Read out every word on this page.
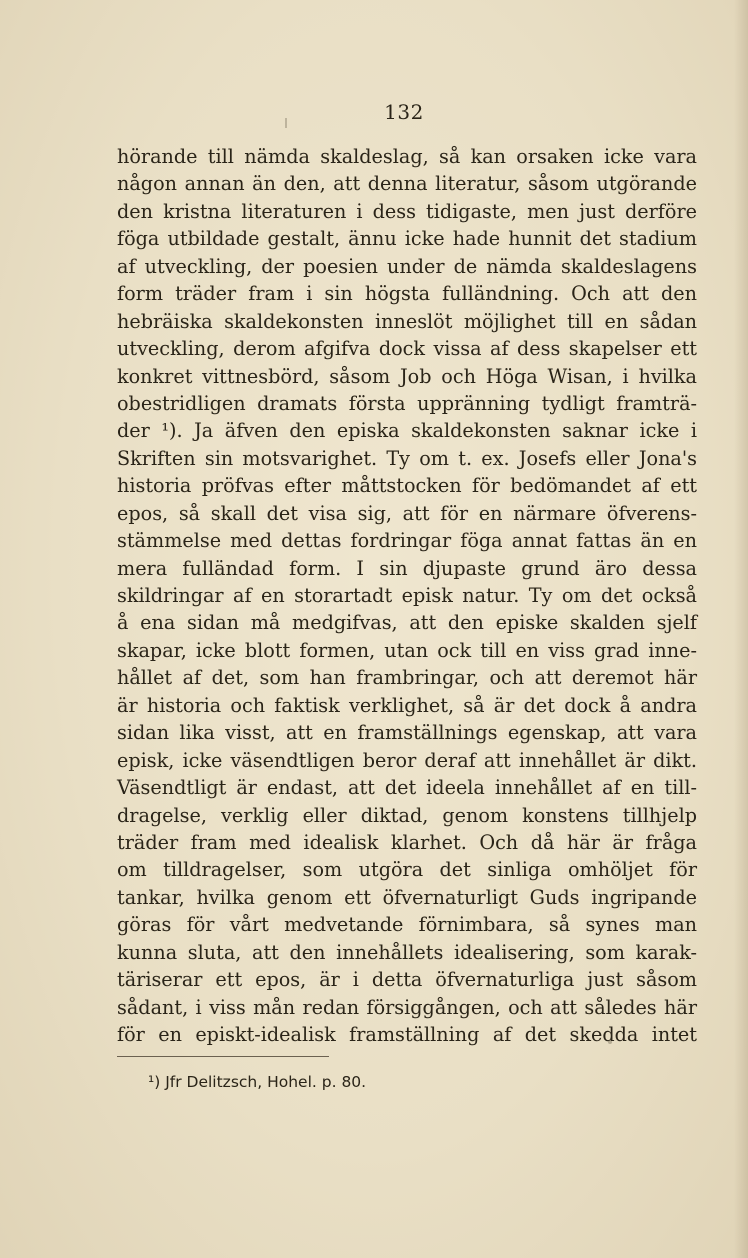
132
hörande till nämda skaldeslag, så kan orsaken icke vara
någon annan än den, att denna literatur, såsom utgörande
den kristna literaturen i dess tidigaste, men just derföre
föga utbildade gestalt, ännu icke hade hunnit det stadium
af utveckling, der poesien under de nämda skaldeslagens
form träder fram i sin högsta fulländning. Och att den
hebräiska skaldekonsten inneslöt möjlighet till en sådan
utveckling, derom afgifva dock vissa af dess skapelser ett
konkret vittnesbörd, såsom Job och Höga Wisan, i hvilka
obestridligen dramats första uppränning tydligt framträ-
der ¹). Ja äfven den episka skaldekonsten saknar icke i
Skriften sin motsvarighet. Ty om t. ex. Josefs eller Jona's
historia pröfvas efter måttstocken för bedömandet af ett
epos, så skall det visa sig, att för en närmare öfverens-
stämmelse med dettas fordringar föga annat fattas än en
mera fulländad form. I sin djupaste grund äro dessa
skildringar af en storartadt episk natur. Ty om det också
å ena sidan må medgifvas, att den episke skalden sjelf
skapar, icke blott formen, utan ock till en viss grad inne-
hållet af det, som han frambringar, och att deremot här
är historia och faktisk verklighet, så är det dock å andra
sidan lika visst, att en framställnings egenskap, att vara
episk, icke väsendtligen beror deraf att innehållet är dikt.
Väsendtligt är endast, att det ideela innehållet af en till-
dragelse, verklig eller diktad, genom konstens tillhjelp
träder fram med idealisk klarhet. Och då här är fråga
om tilldragelser, som utgöra det sinliga omhöljet för
tankar, hvilka genom ett öfvernaturligt Guds ingripande
göras för vårt medvetande förnimbara, så synes man
kunna sluta, att den innehållets idealisering, som karak-
täriserar ett epos, är i detta öfvernaturliga just såsom
sådant, i viss mån redan försiggången, och att således här
för en episkt-idealisk framställning af det skedda intet
¹) Jfr Delitzsch, Hohel. p. 80.
